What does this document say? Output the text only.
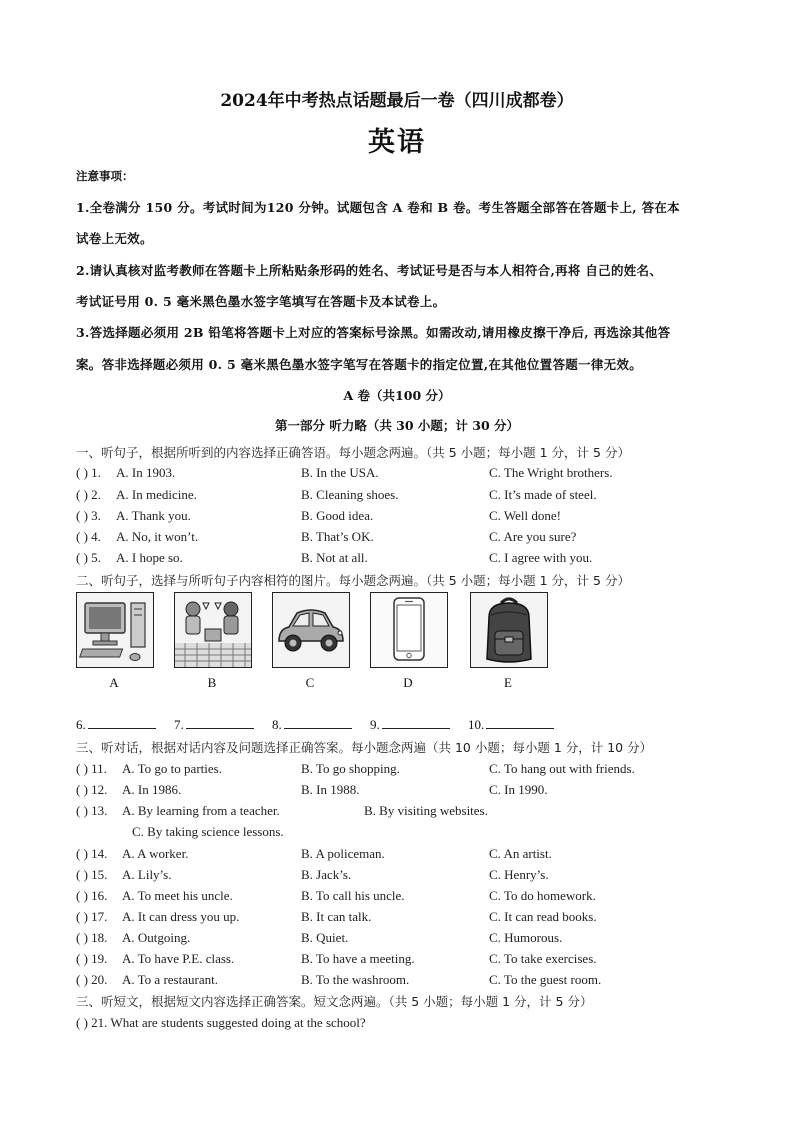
2024年中考热点话题最后一卷（四川成都卷）
英语
注意事项：
1.全卷满分 150 分。考试时间为120 分钟。试题包含 A 卷和 B 卷。考生答题全部答在答题卡上, 答在本
试卷上无效。
2.请认真核对监考教师在答题卡上所粘贴条形码的姓名、考试证号是否与本人相符合,再将 自己的姓名、
考试证号用 0. 5 毫米黑色墨水签字笔填写在答题卡及本试卷上。
3.答选择题必须用 2B 铅笔将答题卡上对应的答案标号涂黑。如需改动,请用橡皮擦干净后, 再选涂其他答
案。答非选择题必须用 0. 5 毫米黑色墨水签字笔写在答题卡的指定位置,在其他位置答题一律无效。
A 卷（共100 分）
第一部分 听力略（共 30 小题；计 30 分）
一、听句子，根据所听到的内容选择正确答语。每小题念两遍。（共 5 小题；每小题 1 分，计 5 分）
( ) 1. A. In 1903.	B. In the USA.	C. The Wright brothers.
( ) 2. A. In medicine.	B. Cleaning shoes.	C. It’s made of steel.
( ) 3. A. Thank you.	B. Good idea.	C. Well done!
( ) 4. A. No, it won’t.	B. That’s OK.	C. Are you sure?
( ) 5. A. I hope so.	B. Not at all.	C. I agree with you.
二、听句子，选择与所听句子内容相符的图片。每小题念两遍。（共 5 小题；每小题 1 分，计 5 分）
A	B	C	D	E
6.	7.	8.	9.	10.
三、听对话，根据对话内容及问题选择正确答案。每小题念两遍（共 10 小题；每小题 1 分，计 10 分）
( ) 11. A. To go to parties.	B. To go shopping.	C. To hang out with friends.
( ) 12. A. In 1986.	B. In 1988.	C. In 1990.
( ) 13. A. By learning from a teacher.	B. By visiting websites.
C. By taking science lessons.
( ) 14. A. A worker.	B. A policeman.	C. An artist.
( ) 15. A. Lily’s.	B. Jack’s.	C. Henry’s.
( ) 16. A. To meet his uncle.	B. To call his uncle.	C. To do homework.
( ) 17. A. It can dress you up.	B. It can talk.	C. It can read books.
( ) 18. A. Outgoing.	B. Quiet.	C. Humorous.
( ) 19. A. To have P.E. class.	B. To have a meeting.	C. To take exercises.
( ) 20. A. To a restaurant.	B. To the washroom.	C. To the guest room.
三、听短文，根据短文内容选择正确答案。短文念两遍。（共 5 小题；每小题 1 分，计 5 分）
( ) 21. What are students suggested doing at the school?
